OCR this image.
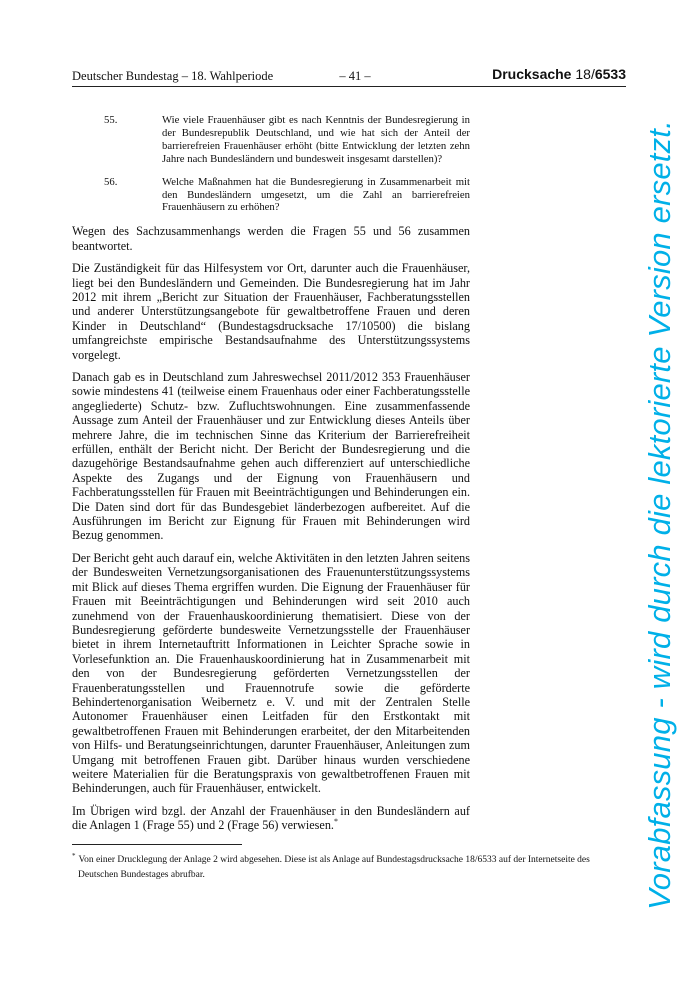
Deutscher Bundestag – 18. Wahlperiode	– 41 –	Drucksache 18/6533
55.	Wie viele Frauenhäuser gibt es nach Kenntnis der Bundesregierung in der Bundesrepublik Deutschland, und wie hat sich der Anteil der barrierefreien Frauenhäuser erhöht (bitte Entwicklung der letzten zehn Jahre nach Bundesländern und bundesweit insgesamt darstellen)?
56.	Welche Maßnahmen hat die Bundesregierung in Zusammenarbeit mit den Bundesländern umgesetzt, um die Zahl an barrierefreien Frauenhäusern zu erhöhen?

Wegen des Sachzusammenhangs werden die Fragen 55 und 56 zusammen beantwortet.

Die Zuständigkeit für das Hilfesystem vor Ort, darunter auch die Frauenhäuser, liegt bei den Bundesländern und Gemeinden. Die Bundesregierung hat im Jahr 2012 mit ihrem „Bericht zur Situation der Frauenhäuser, Fachberatungsstellen und anderer Unterstützungsangebote für gewaltbetroffene Frauen und deren Kinder in Deutschland“ (Bundestagsdrucksache 17/10500) die bislang umfangreichste empirische Bestandsaufnahme des Unterstützungssystems vorgelegt.

Danach gab es in Deutschland zum Jahreswechsel 2011/2012 353 Frauenhäuser sowie mindestens 41 (teilweise einem Frauenhaus oder einer Fachberatungsstelle angegliederte) Schutz- bzw. Zufluchtswohnungen. Eine zusammenfassende Aussage zum Anteil der Frauenhäuser und zur Entwicklung dieses Anteils über mehrere Jahre, die im technischen Sinne das Kriterium der Barrierefreiheit erfüllen, enthält der Bericht nicht. Der Bericht der Bundesregierung und die dazugehörige Bestandsaufnahme gehen auch differenziert auf unterschiedliche Aspekte des Zugangs und der Eignung von Frauenhäusern und Fachberatungsstellen für Frauen mit Beeinträchtigungen und Behinderungen ein. Die Daten sind dort für das Bundesgebiet länderbezogen aufbereitet. Auf die Ausführungen im Bericht zur Eignung für Frauen mit Behinderungen wird Bezug genommen.

Der Bericht geht auch darauf ein, welche Aktivitäten in den letzten Jahren seitens der Bundesweiten Vernetzungsorganisationen des Frauenunterstützungssystems mit Blick auf dieses Thema ergriffen wurden. Die Eignung der Frauenhäuser für Frauen mit Beeinträchtigungen und Behinderungen wird seit 2010 auch zunehmend von der Frauenhauskoordinierung thematisiert. Diese von der Bundesregierung geförderte bundesweite Vernetzungsstelle der Frauenhäuser bietet in ihrem Internetauftritt Informationen in Leichter Sprache sowie in Vorlesefunktion an. Die Frauenhauskoordinierung hat in Zusammenarbeit mit den von der Bundesregierung geförderten Vernetzungsstellen der Frauenberatungsstellen und Frauennotrufe sowie die geförderte Behindertenorganisation Weibernetz e. V. und mit der Zentralen Stelle Autonomer Frauenhäuser einen Leitfaden für den Erstkontakt mit gewaltbetroffenen Frauen mit Behinderungen erarbeitet, der den Mitarbeitenden von Hilfs- und Beratungseinrichtungen, darunter Frauenhäuser, Anleitungen zum Umgang mit betroffenen Frauen gibt. Darüber hinaus wurden verschiedene weitere Materialien für die Beratungspraxis von gewaltbetroffenen Frauen mit Behinderungen, auch für Frauenhäuser, entwickelt.

Im Übrigen wird bzgl. der Anzahl der Frauenhäuser in den Bundesländern auf die Anlagen 1 (Frage 55) und 2 (Frage 56) verwiesen.*

* Von einer Drucklegung der Anlage 2 wird abgesehen. Diese ist als Anlage auf Bundestagsdrucksache 18/6533 auf der Internetseite des
Deutschen Bundestages abrufbar.	Vorabfassung - wird durch die lektorierte Version ersetzt.
